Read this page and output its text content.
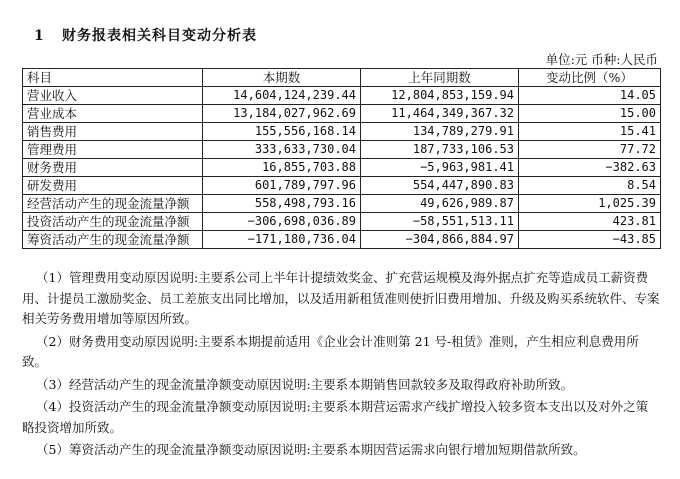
1 财务报表相关科目变动分析表
单位:元 币种:人民币
科目	本期数	上年同期数	变动比例（%）
营业收入	14,604,124,239.44	12,804,853,159.94	14.05
营业成本	13,184,027,962.69	11,464,349,367.32	15.00
销售费用	155,556,168.14	134,789,279.91	15.41
管理费用	333,633,730.04	187,733,106.53	77.72
财务费用	16,855,703.88	−5,963,981.41	−382.63
研发费用	601,789,797.96	554,447,890.83	8.54
经营活动产生的现金流量净额	558,498,793.16	49,626,989.87	1,025.39
投资活动产生的现金流量净额	−306,698,036.89	−58,551,513.11	423.81
筹资活动产生的现金流量净额	−171,180,736.04	−304,866,884.97	−43.85

（1）管理费用变动原因说明:主要系公司上半年计提绩效奖金、扩充营运规模及海外据点扩充等造成员工薪资费用、计提员工激励奖金、员工差旅支出同比增加，以及适用新租赁准则使折旧费用增加、升级及购买系统软件、专案相关劳务费用增加等原因所致。

（2）财务费用变动原因说明:主要系本期提前适用《企业会计准则第 21 号-租赁》准则，产生相应利息费用所致。

（3）经营活动产生的现金流量净额变动原因说明:主要系本期销售回款较多及取得政府补助所致。

（4）投资活动产生的现金流量净额变动原因说明:主要系本期营运需求产线扩增投入较多资本支出以及对外之策略投资增加所致。

（5）筹资活动产生的现金流量净额变动原因说明:主要系本期因营运需求向银行增加短期借款所致。
